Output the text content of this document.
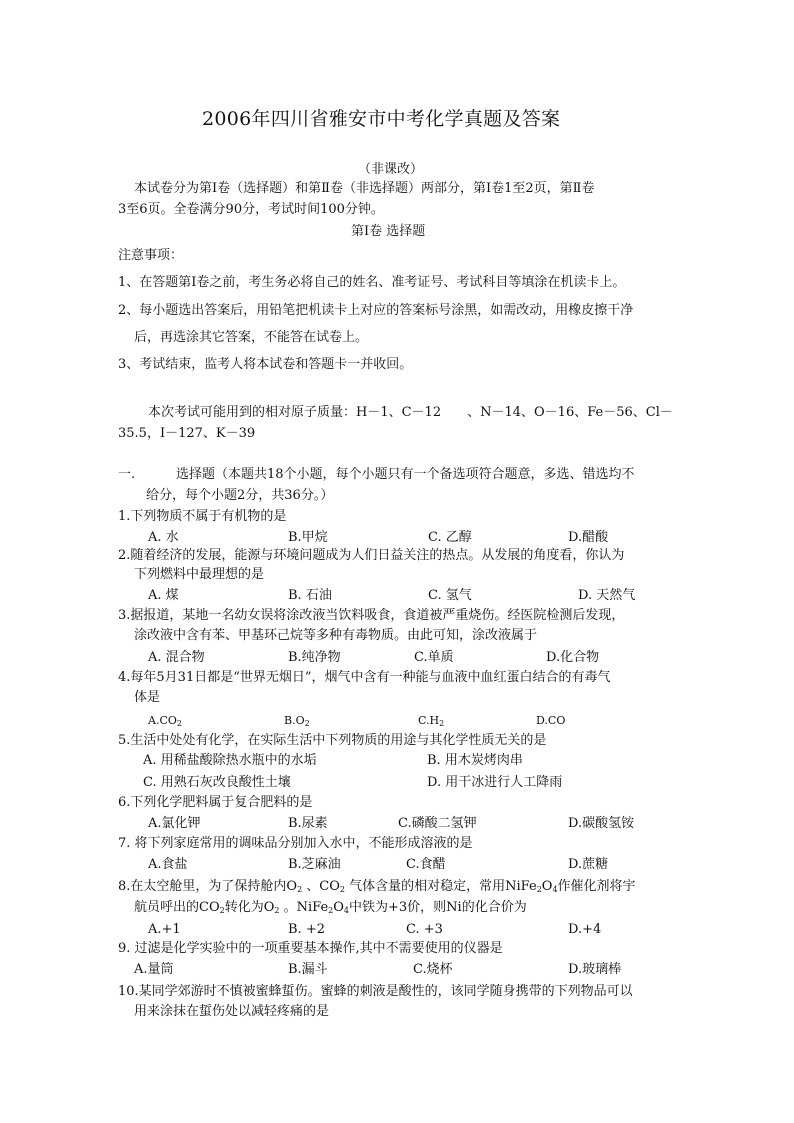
2006年四川省雅安市中考化学真题及答案
（非课改）
本试卷分为第Ⅰ卷（选择题）和第Ⅱ卷（非选择题）两部分，第Ⅰ卷1至2页，第Ⅱ卷
3至6页。全卷满分90分，考试时间100分钟。
第Ⅰ卷 选择题
注意事项：
1、在答题第Ⅰ卷之前，考生务必将自己的姓名、准考证号、考试科目等填涂在机读卡上。
2、每小题选出答案后，用铅笔把机读卡上对应的答案标号涂黑，如需改动，用橡皮擦干净
后，再选涂其它答案，不能答在试卷上。
3、考试结束，监考人将本试卷和答题卡一并收回。
本次考试可能用到的相对原子质量：H－1、C－12　　、N－14、O－16、Fe－56、Cl－
35.5，I－127、K－39
一.	选择题（本题共18个小题，每个小题只有一个备选项符合题意，多选、错选均不
给分，每个小题2分，共36分。）
1.下列物质不属于有机物的是
A. 水	B.甲烷	C. 乙醇	D.醋酸
2.随着经济的发展，能源与环境问题成为人们日益关注的热点。从发展的角度看，你认为
下列燃料中最理想的是
A. 煤	B. 石油	C. 氢气	D. 天然气
3.据报道，某地一名幼女误将涂改液当饮料吸食，食道被严重烧伤。经医院检测后发现，
涂改液中含有苯、甲基环己烷等多种有毒物质。由此可知，涂改液属于
A. 混合物	B.纯净物	C.单质	D.化合物
4.每年5月31日都是“世界无烟日”，烟气中含有一种能与血液中血红蛋白结合的有毒气
体是
$A.CO_2$	$B.O_2$	$C.H_2$	D.CO
5.生活中处处有化学，在实际生活中下列物质的用途与其化学性质无关的是
A. 用稀盐酸除热水瓶中的水垢	B. 用木炭烤肉串
C. 用熟石灰改良酸性土壤	D. 用干冰进行人工降雨
6.下列化学肥料属于复合肥料的是
A.氯化钾	B.尿素	C.磷酸二氢钾	D.碳酸氢铵
7. 将下列家庭常用的调味品分别加入水中，不能形成溶液的是
A.食盐	B.芝麻油	C.食醋	D.蔗糖
8.在太空舱里，为了保持舱内$O_2$ 、$CO_2$ 气体含量的相对稳定，常用$NiFe_2O_4$作催化剂将宇
航员呼出的$CO_2$转化为$O_2$ 。$NiFe_2O_4$中铁为+3价，则Ni的化合价为
A.+1	B. +2	C. +3	D.+4
9. 过滤是化学实验中的一项重要基本操作,其中不需要使用的仪器是
A.量筒	B.漏斗	C.烧杯	D.玻璃棒
10.某同学郊游时不慎被蜜蜂蜇伤。蜜蜂的刺液是酸性的，该同学随身携带的下列物品可以
用来涂抹在蜇伤处以减轻疼痛的是
